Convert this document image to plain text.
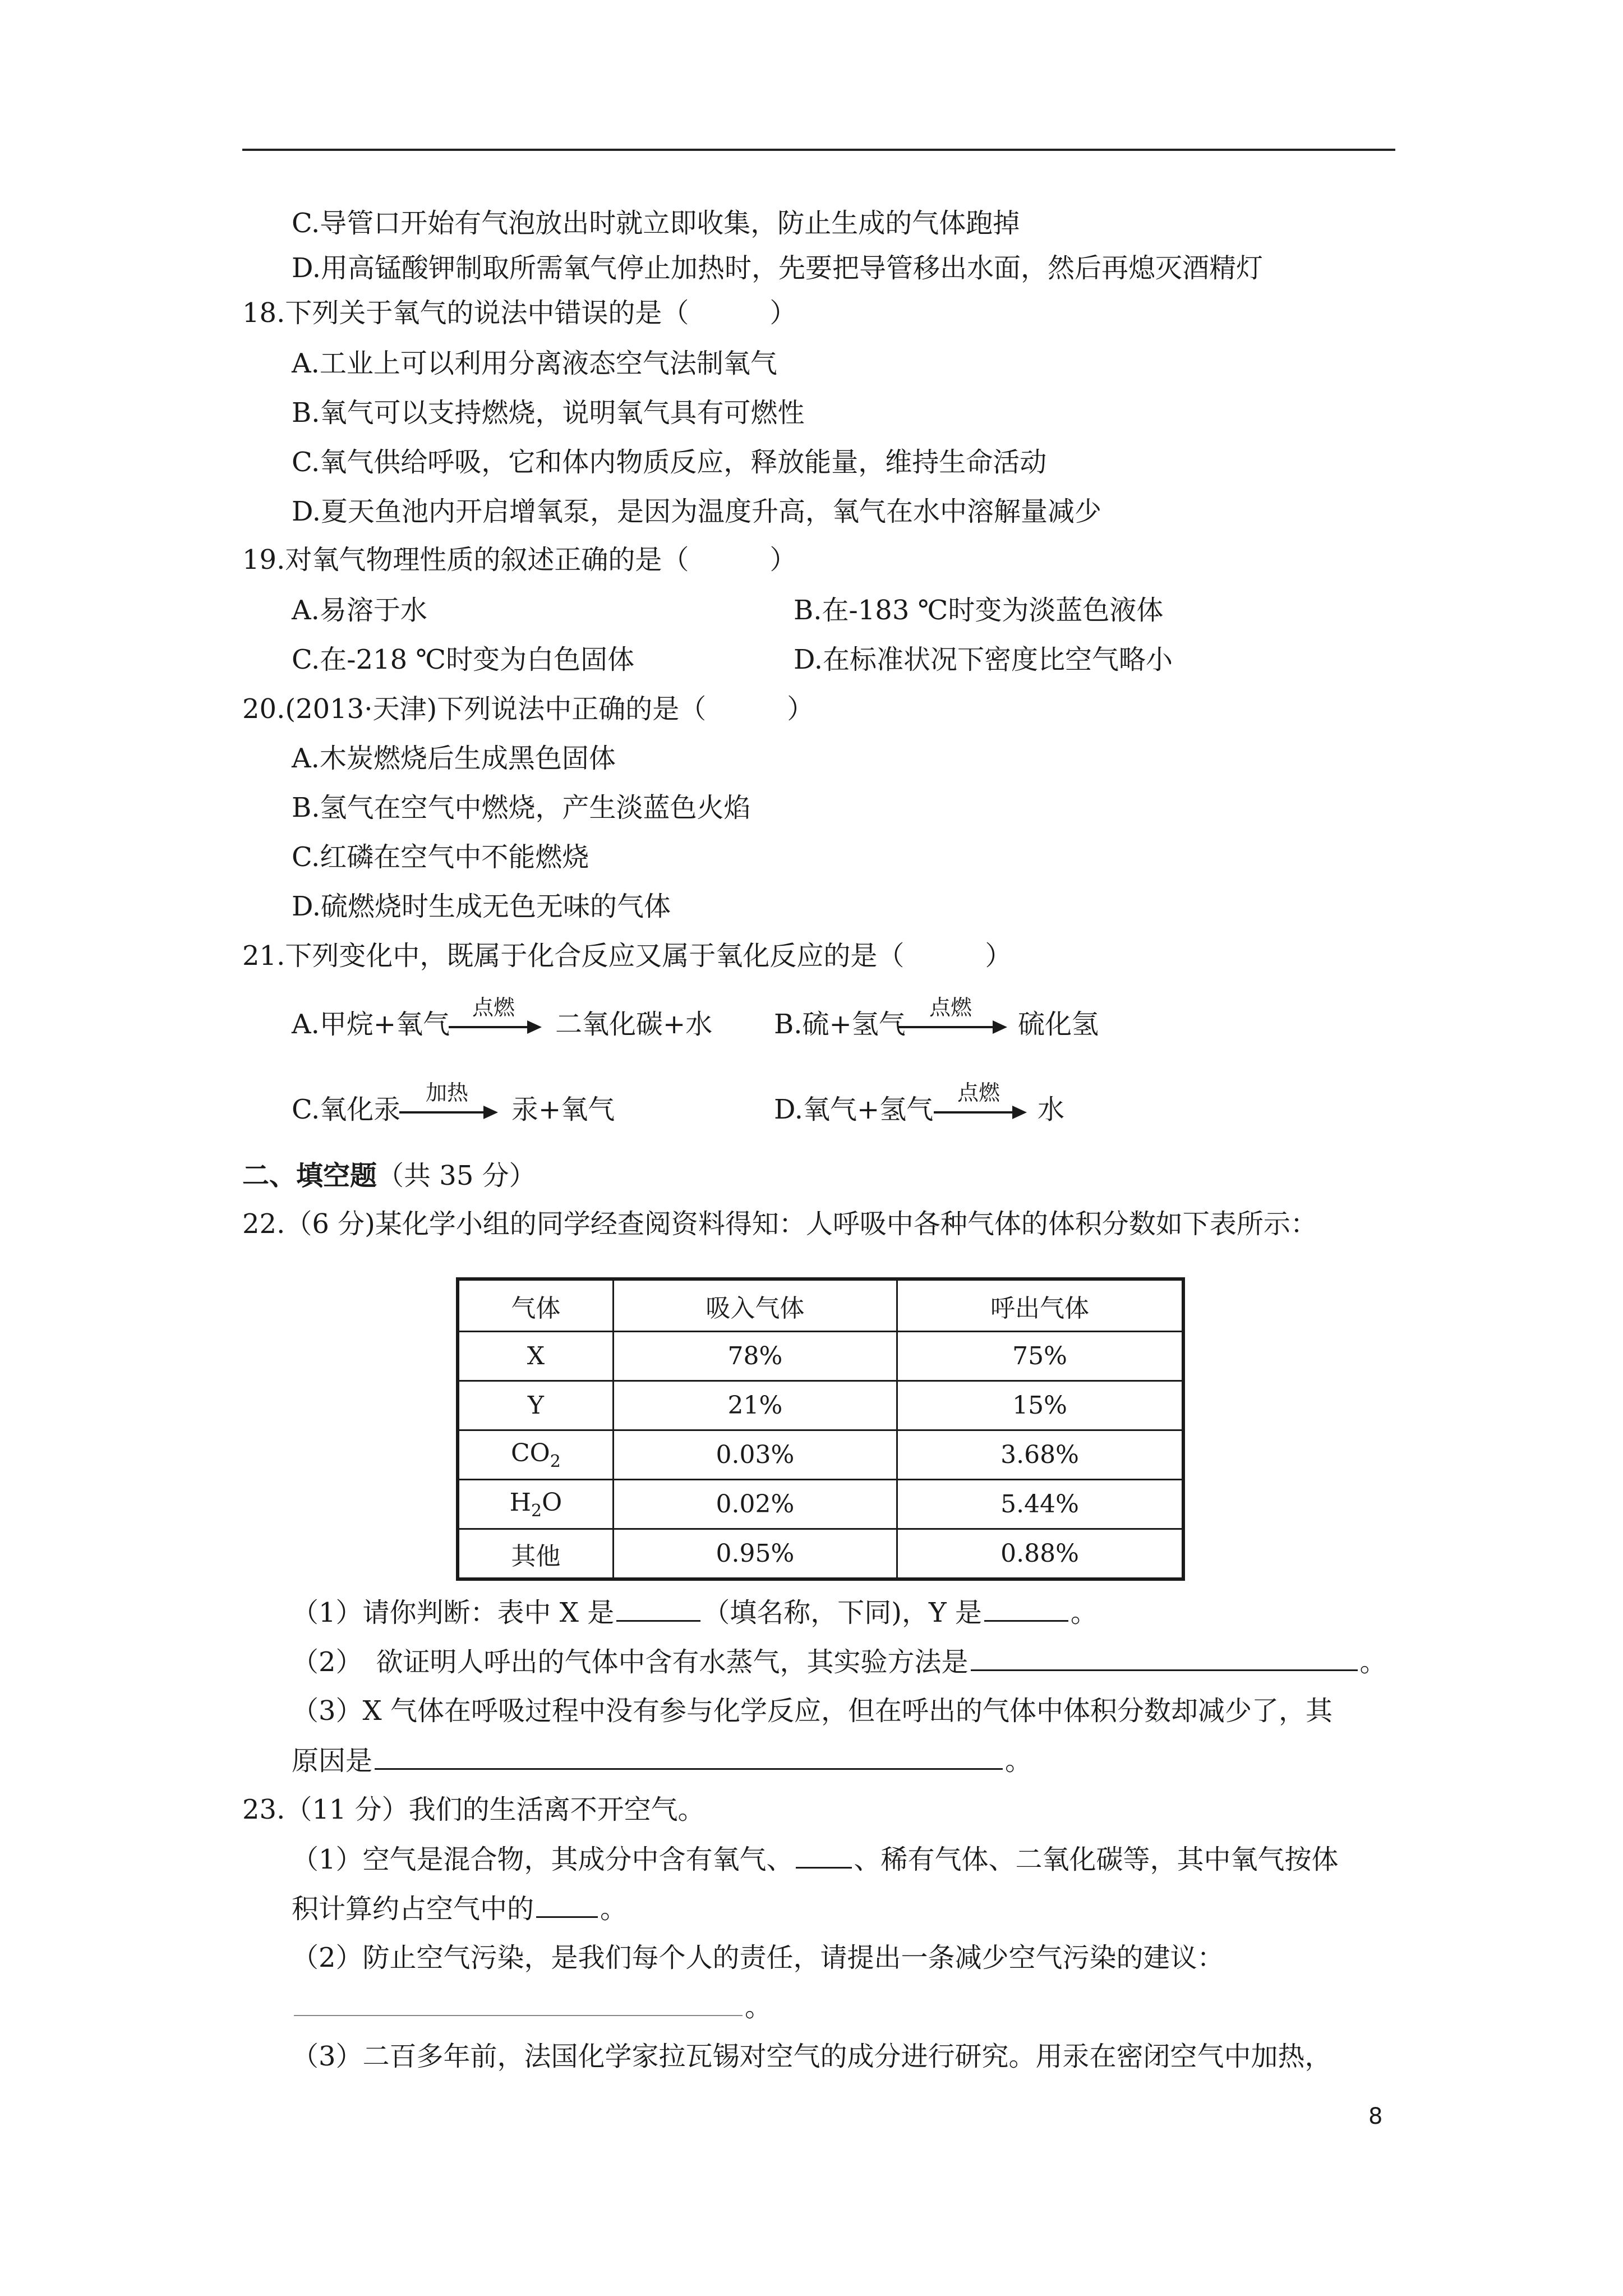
C.导管口开始有气泡放出时就立即收集，防止生成的气体跑掉
D.用高锰酸钾制取所需氧气停止加热时，先要把导管移出水面，然后再熄灭酒精灯
18.下列关于氧气的说法中错误的是（　　　）
A.工业上可以利用分离液态空气法制氧气
B.氧气可以支持燃烧，说明氧气具有可燃性
C.氧气供给呼吸，它和体内物质反应，释放能量，维持生命活动
D.夏天鱼池内开启增氧泵，是因为温度升高，氧气在水中溶解量减少
19.对氧气物理性质的叙述正确的是（　　　）
A.易溶于水	B.在-183 ℃时变为淡蓝色液体
C.在-218 ℃时变为白色固体	D.在标准状况下密度比空气略小
20.(2013·天津)下列说法中正确的是（　　　）
A.木炭燃烧后生成黑色固体
B.氢气在空气中燃烧，产生淡蓝色火焰
C.红磷在空气中不能燃烧
D.硫燃烧时生成无色无味的气体
21.下列变化中，既属于化合反应又属于氧化反应的是（　　　）
A.甲烷+氧气
点燃
二氧化碳+水 B.硫+氢气
点燃
硫化氢
C.氧化汞
加热
汞+氧气	D.氧气+氢气
点燃
水
二、填空题（共 35 分）
22.（6 分)某化学小组的同学经查阅资料得知：人呼吸中各种气体的体积分数如下表所示：
气体	吸入气体	呼出气体
X	78%	75%
Y	21%	15%
$CO_2$	0.03%	3.68%
$H_2O$	0.02%	5.44%
其他	0.95%	0.88%
（1）请你判断：表中 X 是	（填名称，下同)，Y 是	。
（2）　欲证明人呼出的气体中含有水蒸气，其实验方法是	。
（3）X 气体在呼吸过程中没有参与化学反应，但在呼出的气体中体积分数却减少了，其
原因是	。
23.（11 分）我们的生活离不开空气。
（1）空气是混合物，其成分中含有氧气、 、稀有气体、二氧化碳等，其中氧气按体
积计算约占空气中的 。
（2）防止空气污染，是我们每个人的责任，请提出一条减少空气污染的建议：
。
（3）二百多年前，法国化学家拉瓦锡对空气的成分进行研究。用汞在密闭空气中加热，
8
